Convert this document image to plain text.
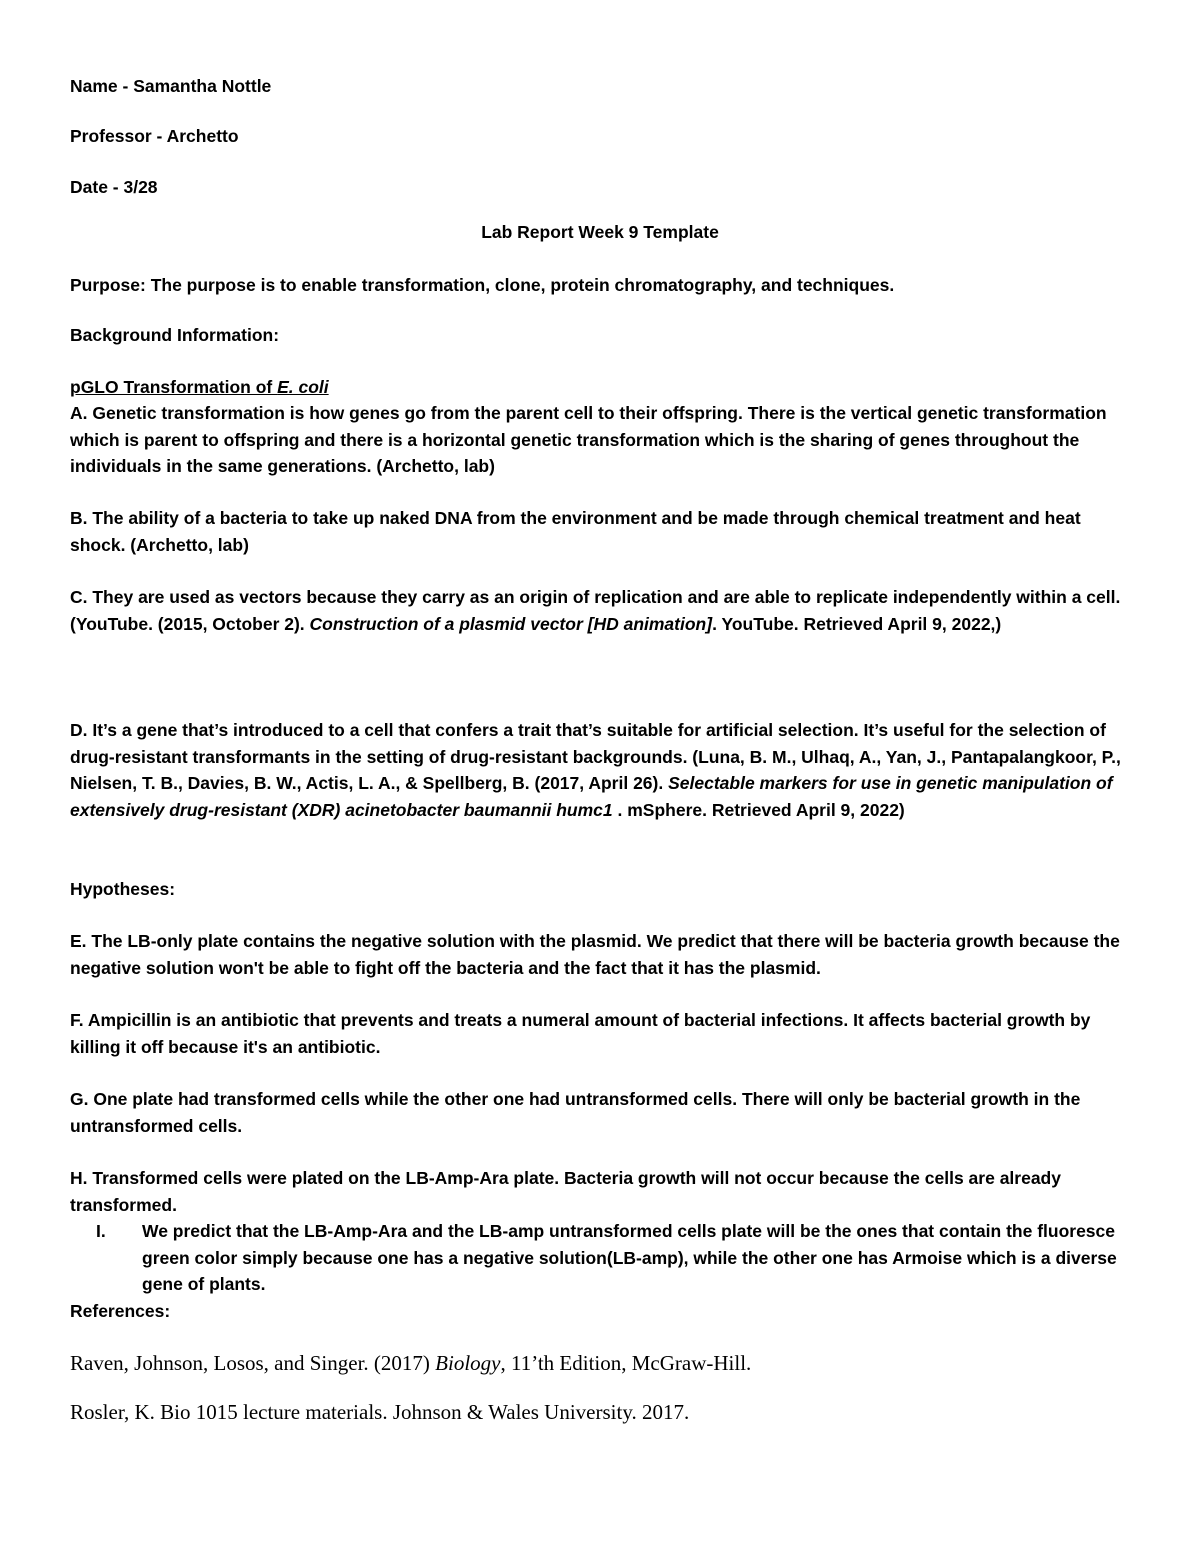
Name - Samantha Nottle

Professor - Archetto

Date - 3/28

Lab Report Week 9 Template

Purpose: The purpose is to enable transformation, clone, protein chromatography, and techniques.

Background Information:

pGLO Transformation of E. coli

A. Genetic transformation is how genes go from the parent cell to their offspring. There is the vertical genetic transformation which is parent to offspring and there is a horizontal genetic transformation which is the sharing of genes throughout the individuals in the same generations. (Archetto, lab)

B. The ability of a bacteria to take up naked DNA from the environment and be made through chemical treatment and heat shock. (Archetto, lab)

C. They are used as vectors because they carry as an origin of replication and are able to replicate independently within a cell. (YouTube. (2015, October 2). Construction of a plasmid vector [HD animation]. YouTube. Retrieved April 9, 2022,)

D. It’s a gene that’s introduced to a cell that confers a trait that’s suitable for artificial selection. It’s useful for the selection of drug-resistant transformants in the setting of drug-resistant backgrounds. (Luna, B. M., Ulhaq, A., Yan, J., Pantapalangkoor, P., Nielsen, T. B., Davies, B. W., Actis, L. A., & Spellberg, B. (2017, April 26). Selectable markers for use in genetic manipulation of extensively drug-resistant (XDR) acinetobacter baumannii humc1 . mSphere. Retrieved April 9, 2022)

Hypotheses:

E. The LB-only plate contains the negative solution with the plasmid. We predict that there will be bacteria growth because the negative solution won't be able to fight off the bacteria and the fact that it has the plasmid.

F. Ampicillin is an antibiotic that prevents and treats a numeral amount of bacterial infections. It affects bacterial growth by killing it off because it's an antibiotic.

G. One plate had transformed cells while the other one had untransformed cells. There will only be bacterial growth in the untransformed cells.

H. Transformed cells were plated on the LB-Amp-Ara plate. Bacteria growth will not occur because the cells are already transformed.

I. We predict that the LB-Amp-Ara and the LB-amp untransformed cells plate will be the ones that contain the fluoresce green color simply because one has a negative solution(LB-amp), while the other one has Armoise which is a diverse gene of plants.

References:

Raven, Johnson, Losos, and Singer. (2017) Biology, 11’th Edition, McGraw-Hill.

Rosler, K. Bio 1015 lecture materials. Johnson & Wales University. 2017.
